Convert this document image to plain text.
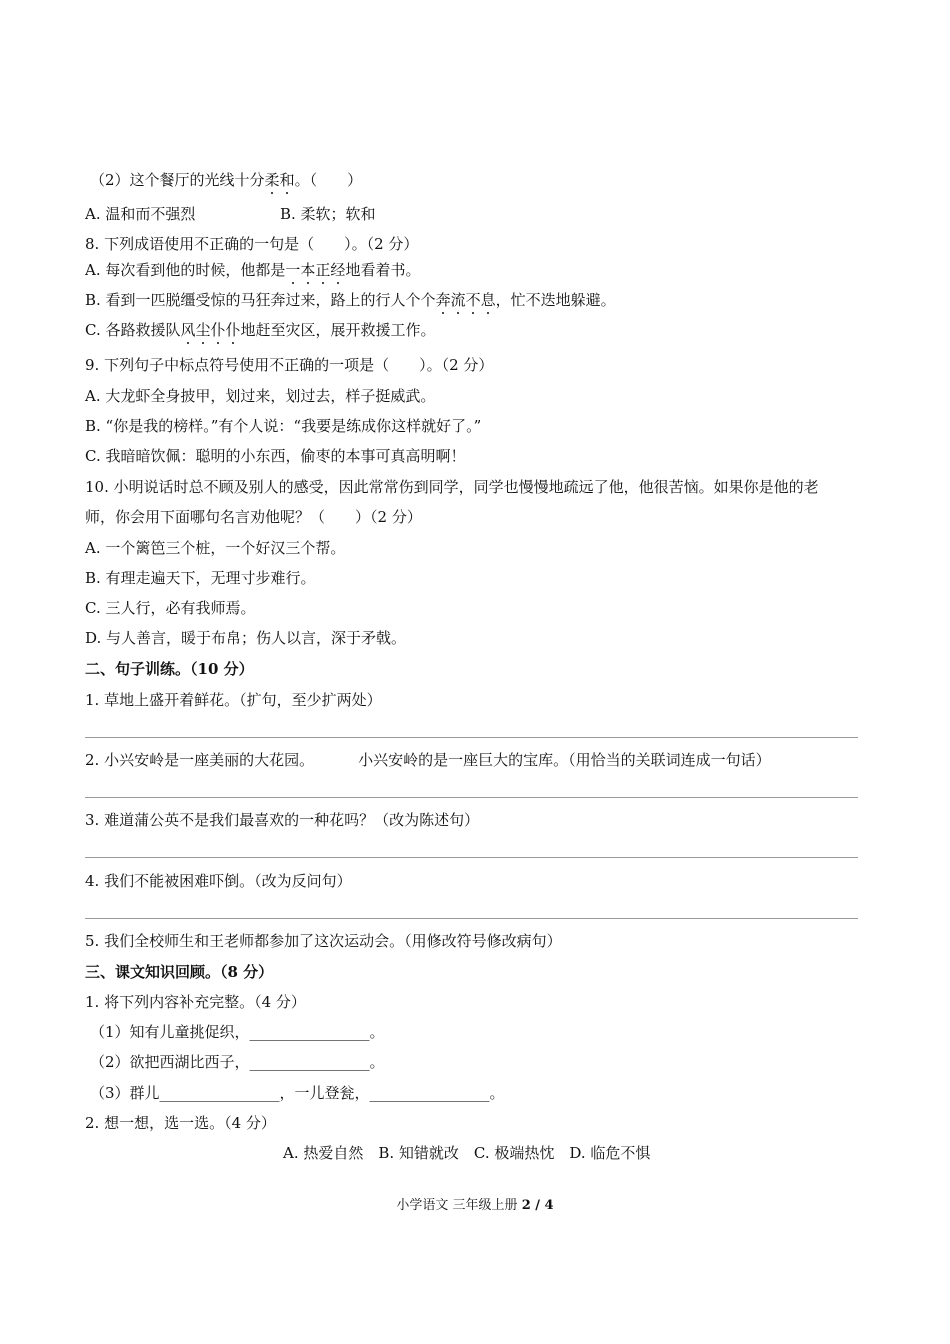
（2）这个餐厅的光线十分柔和。（　　）
A. 温和而不强烈	B. 柔软；软和
8. 下列成语使用不正确的一句是（　　）。（2 分）
A. 每次看到他的时候，他都是一本正经地看着书。
B. 看到一匹脱缰受惊的马狂奔过来，路上的行人个个奔流不息，忙不迭地躲避。
C. 各路救援队风尘仆仆地赶至灾区，展开救援工作。
9. 下列句子中标点符号使用不正确的一项是（　　）。（2 分）
A. 大龙虾全身披甲，划过来，划过去，样子挺威武。
B. “你是我的榜样。”有个人说：“我要是练成你这样就好了。”
C. 我暗暗饮佩：聪明的小东西，偷枣的本事可真高明啊！
10. 小明说话时总不顾及别人的感受，因此常常伤到同学，同学也慢慢地疏远了他，他很苦恼。如果你是他的老
师，你会用下面哪句名言劝他呢？（　　）（2 分）
A. 一个篱笆三个桩，一个好汉三个帮。
B. 有理走遍天下，无理寸步难行。
C. 三人行，必有我师焉。
D. 与人善言，暖于布帛；伤人以言，深于矛戟。
二、句子训练。（10 分）
1. 草地上盛开着鲜花。（扩句，至少扩两处）
2. 小兴安岭是一座美丽的大花园。	小兴安岭的是一座巨大的宝库。（用恰当的关联词连成一句话）
3. 难道蒲公英不是我们最喜欢的一种花吗？（改为陈述句）
4. 我们不能被困难吓倒。（改为反问句）
5. 我们全校师生和王老师都参加了这次运动会。（用修改符号修改病句）
三、课文知识回顾。（8 分）
1. 将下列内容补充完整。（4 分）
（1）知有儿童挑促织，________________。
（2）欲把西湖比西子，________________。
（3）群儿________________，一儿登瓮，________________。
2. 想一想，选一选。（4 分）
A. 热爱自然　B. 知错就改　C. 极端热忱　D. 临危不惧
小学语文 三年级上册 2 / 4
